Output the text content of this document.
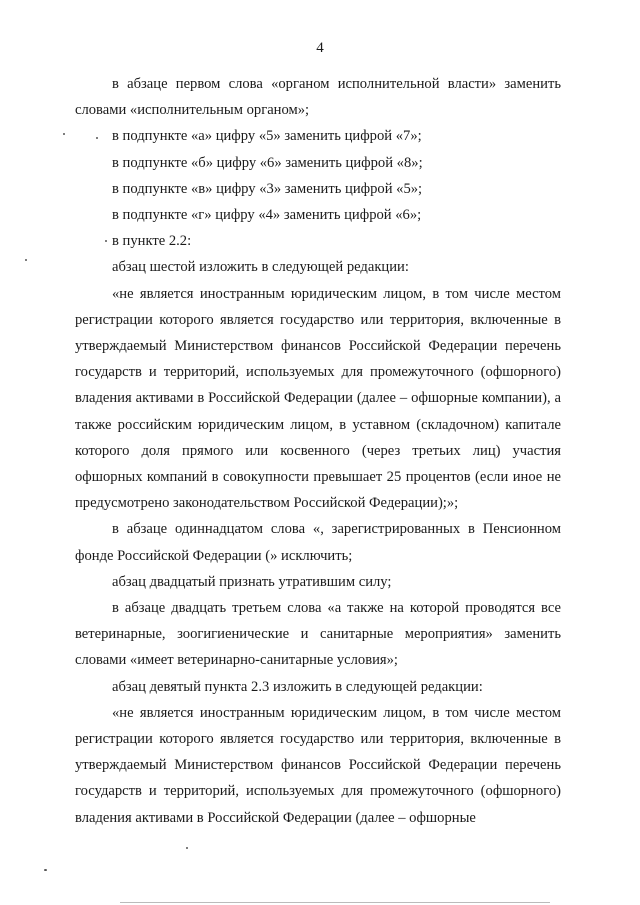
4

в абзаце первом слова «органом исполнительной власти» заменить словами «исполнительным органом»;

в подпункте «а» цифру «5» заменить цифрой «7»;

в подпункте «б» цифру «6» заменить цифрой «8»;

в подпункте «в» цифру «3» заменить цифрой «5»;

в подпункте «г» цифру «4» заменить цифрой «6»;

в пункте 2.2:

абзац шестой изложить в следующей редакции:

«не является иностранным юридическим лицом, в том числе местом регистрации которого является государство или территория, включенные в утверждаемый Министерством финансов Российской Федерации перечень государств и территорий, используемых для промежуточного (офшорного) владения активами в Российской Федерации (далее – офшорные компании), а также российским юридическим лицом, в уставном (складочном) капитале которого доля прямого или косвенного (через третьих лиц) участия офшорных компаний в совокупности превышает 25 процентов (если иное не предусмотрено законодательством Российской Федерации);»;

в абзаце одиннадцатом слова «, зарегистрированных в Пенсионном фонде Российской Федерации (» исключить;

абзац двадцатый признать утратившим силу;

в абзаце двадцать третьем слова «а также на которой проводятся все ветеринарные, зоогигиенические и санитарные мероприятия» заменить словами «имеет ветеринарно-санитарные условия»;

абзац девятый пункта 2.3 изложить в следующей редакции:

«не является иностранным юридическим лицом, в том числе местом регистрации которого является государство или территория, включенные в утверждаемый Министерством финансов Российской Федерации перечень государств и территорий, используемых для промежуточного (офшорного) владения активами в Российской Федерации (далее – офшорные
